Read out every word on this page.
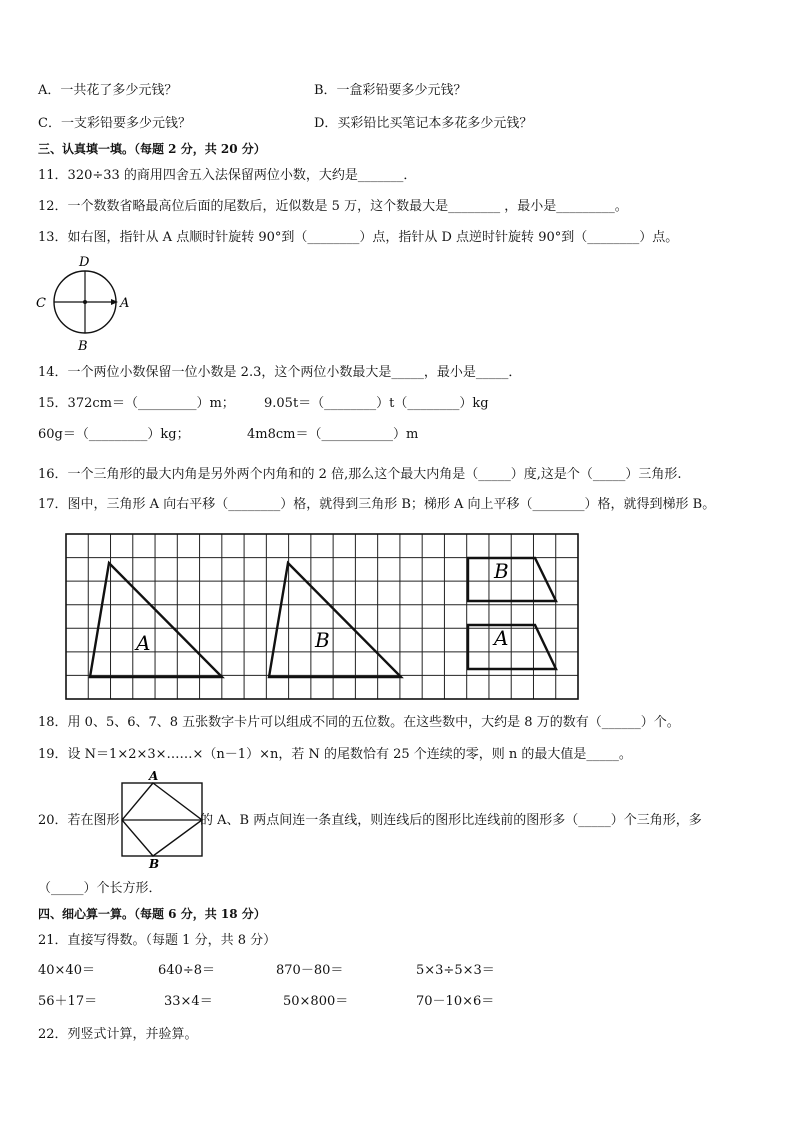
A．一共花了多少元钱？	B．一盒彩铅要多少元钱？
C．一支彩铅要多少元钱？	D．买彩铅比买笔记本多花多少元钱？
三、认真填一填。（每题 2 分，共 20 分）
11．320÷33 的商用四舍五入法保留两位小数，大约是_______．
12．一个数数省略最高位后面的尾数后，近似数是 5 万，这个数最大是________ ，最小是_________。
13．如右图，指针从 A 点顺时针旋转 90°到（________）点，指针从 D 点逆时针旋转 90°到（________）点。
D
C	A
B
14．一个两位小数保留一位小数是 2.3，这个两位小数最大是_____，最小是_____．
15．372cm＝（_________）m； 9.05t＝（________）t（________）kg
60g＝（_________）kg；	4m8cm＝（___________）m
16．一个三角形的最大内角是另外两个内角和的 2 倍,那么这个最大内角是（_____）度,这是个（_____）三角形.
17．图中，三角形 A 向右平移（________）格，就得到三角形 B；梯形 A 向上平移（________）格，就得到梯形 B。
A	B
B
A
18．用 0、5、6、7、8 五张数字卡片可以组成不同的五位数。在这些数中，大约是 8 万的数有（______）个。
19．设 N＝1×2×3×……×（n－1）×n，若 N 的尾数恰有 25 个连续的零，则 n 的最大值是_____。
A
B
20．若在图形	的 A、B 两点间连一条直线，则连线后的图形比连线前的图形多（_____）个三角形，多
（_____）个长方形．
四、细心算一算。（每题 6 分，共 18 分）
21．直接写得数。（每题 1 分，共 8 分）
40×40＝	640÷8＝	870－80＝	5×3÷5×3＝
56＋17＝	33×4＝	50×800＝	70－10×6＝
22．列竖式计算，并验算。
